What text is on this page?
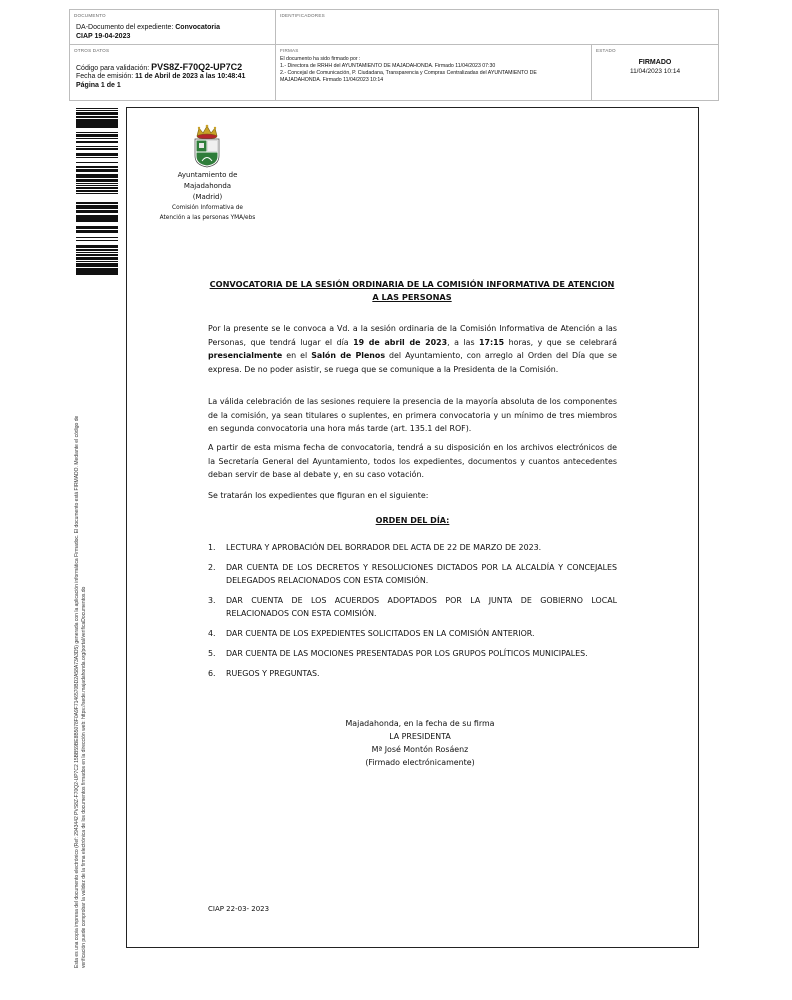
DOCUMENTO
DA-Documento del expediente: Convocatoria
CIAP 19-04-2023
IDENTIFICADORES
OTROS DATOS
Código para validación: PVS8Z-F70Q2-UP7C2
Fecha de emisión: 11 de Abril de 2023 a las 10:48:41
Página 1 de 1
FIRMAS
El documento ha sido firmado por :
1.- Directora de RRHH del AYUNTAMIENTO DE MAJADAHONDA. Firmado 11/04/2023 07:30
2.- Concejal de Comunicación, P. Ciudadana, Transparencia y Compras Centralizadas del AYUNTAMIENTO DE
MAJADAHONDA. Firmado 11/04/2023 10:14
ESTADO
FIRMADO
11/04/2023 10:14
Esta es una copia impresa del documento electrónico (Ref: 2943442 PVS8Z-F70Q2-UP7C2 15BB59BE8B5078F0A9F7146570BD2A58A73A3D5) generada con la aplicación informática Firmadoc. El documento está FIRMADO. Mediante el código de verificación puede comprobar la validez de la firma electrónica de los documentos firmados en la dirección web: https://sede.majadahonda.org/portal/verificaDocumentos.do
Ayuntamiento de
Majadahonda
(Madrid)
Comisión Informativa de
Atención a las personas YMA/ebs
CONVOCATORIA DE LA SESIÓN ORDINARIA DE LA COMISIÓN INFORMATIVA DE ATENCION A LAS PERSONAS
Por la presente se le convoca a Vd. a la sesión ordinaria de la Comisión Informativa de Atención a las Personas, que tendrá lugar el día 19 de abril de 2023, a las 17:15 horas, y que se celebrará presencialmente en el Salón de Plenos del Ayuntamiento, con arreglo al Orden del Día que se expresa. De no poder asistir, se ruega que se comunique a la Presidenta de la Comisión.
La válida celebración de las sesiones requiere la presencia de la mayoría absoluta de los componentes de la comisión, ya sean titulares o suplentes, en primera convocatoria y un mínimo de tres miembros en segunda convocatoria una hora más tarde (art. 135.1 del ROF).
A partir de esta misma fecha de convocatoria, tendrá a su disposición en los archivos electrónicos de la Secretaría General del Ayuntamiento, todos los expedientes, documentos y cuantos antecedentes deban servir de base al debate y, en su caso votación.
Se tratarán los expedientes que figuran en el siguiente:
ORDEN DEL DÍA:
1. LECTURA Y APROBACIÓN DEL BORRADOR DEL ACTA DE 22 DE MARZO DE 2023.
2. DAR CUENTA DE LOS DECRETOS Y RESOLUCIONES DICTADOS POR LA ALCALDÍA Y CONCEJALES DELEGADOS RELACIONADOS CON ESTA COMISIÓN.
3. DAR CUENTA DE LOS ACUERDOS ADOPTADOS POR LA JUNTA DE GOBIERNO LOCAL RELACIONADOS CON ESTA COMISIÓN.
4. DAR CUENTA DE LOS EXPEDIENTES SOLICITADOS EN LA COMISIÓN ANTERIOR.
5. DAR CUENTA DE LAS MOCIONES PRESENTADAS POR LOS GRUPOS POLÍTICOS MUNICIPALES.
6. RUEGOS Y PREGUNTAS.
Majadahonda, en la fecha de su firma
LA PRESIDENTA
Mª José Montón Rosáenz
(Firmado electrónicamente)
CIAP 22-03- 2023
